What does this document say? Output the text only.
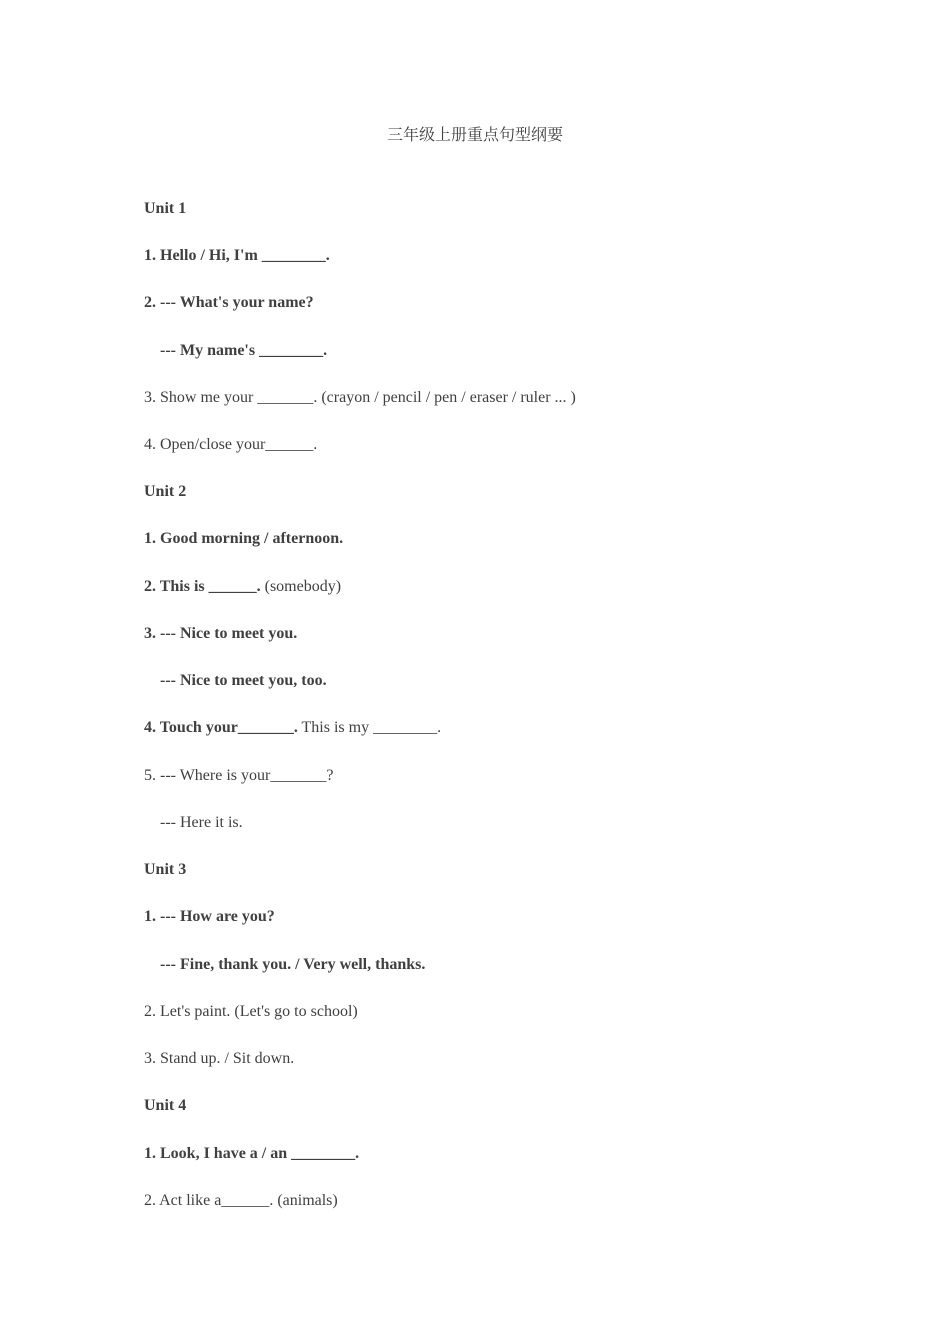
三年级上册重点句型纲要
Unit 1
1. Hello / Hi, I'm ________.
2. --- What's your name?
--- My name's ________.
3. Show me your _______. (crayon / pencil / pen / eraser / ruler ... )
4. Open/close your______.
Unit 2
1. Good morning / afternoon.
2. This is ______. (somebody)
3. --- Nice to meet you.
--- Nice to meet you, too.
4. Touch your_______. This is my ________.
5. --- Where is your_______?
--- Here it is.
Unit 3
1. --- How are you?
--- Fine, thank you. / Very well, thanks.
2. Let's paint. (Let's go to school)
3. Stand up. / Sit down.
Unit 4
1. Look, I have a / an ________.
2. Act like a______. (animals)
